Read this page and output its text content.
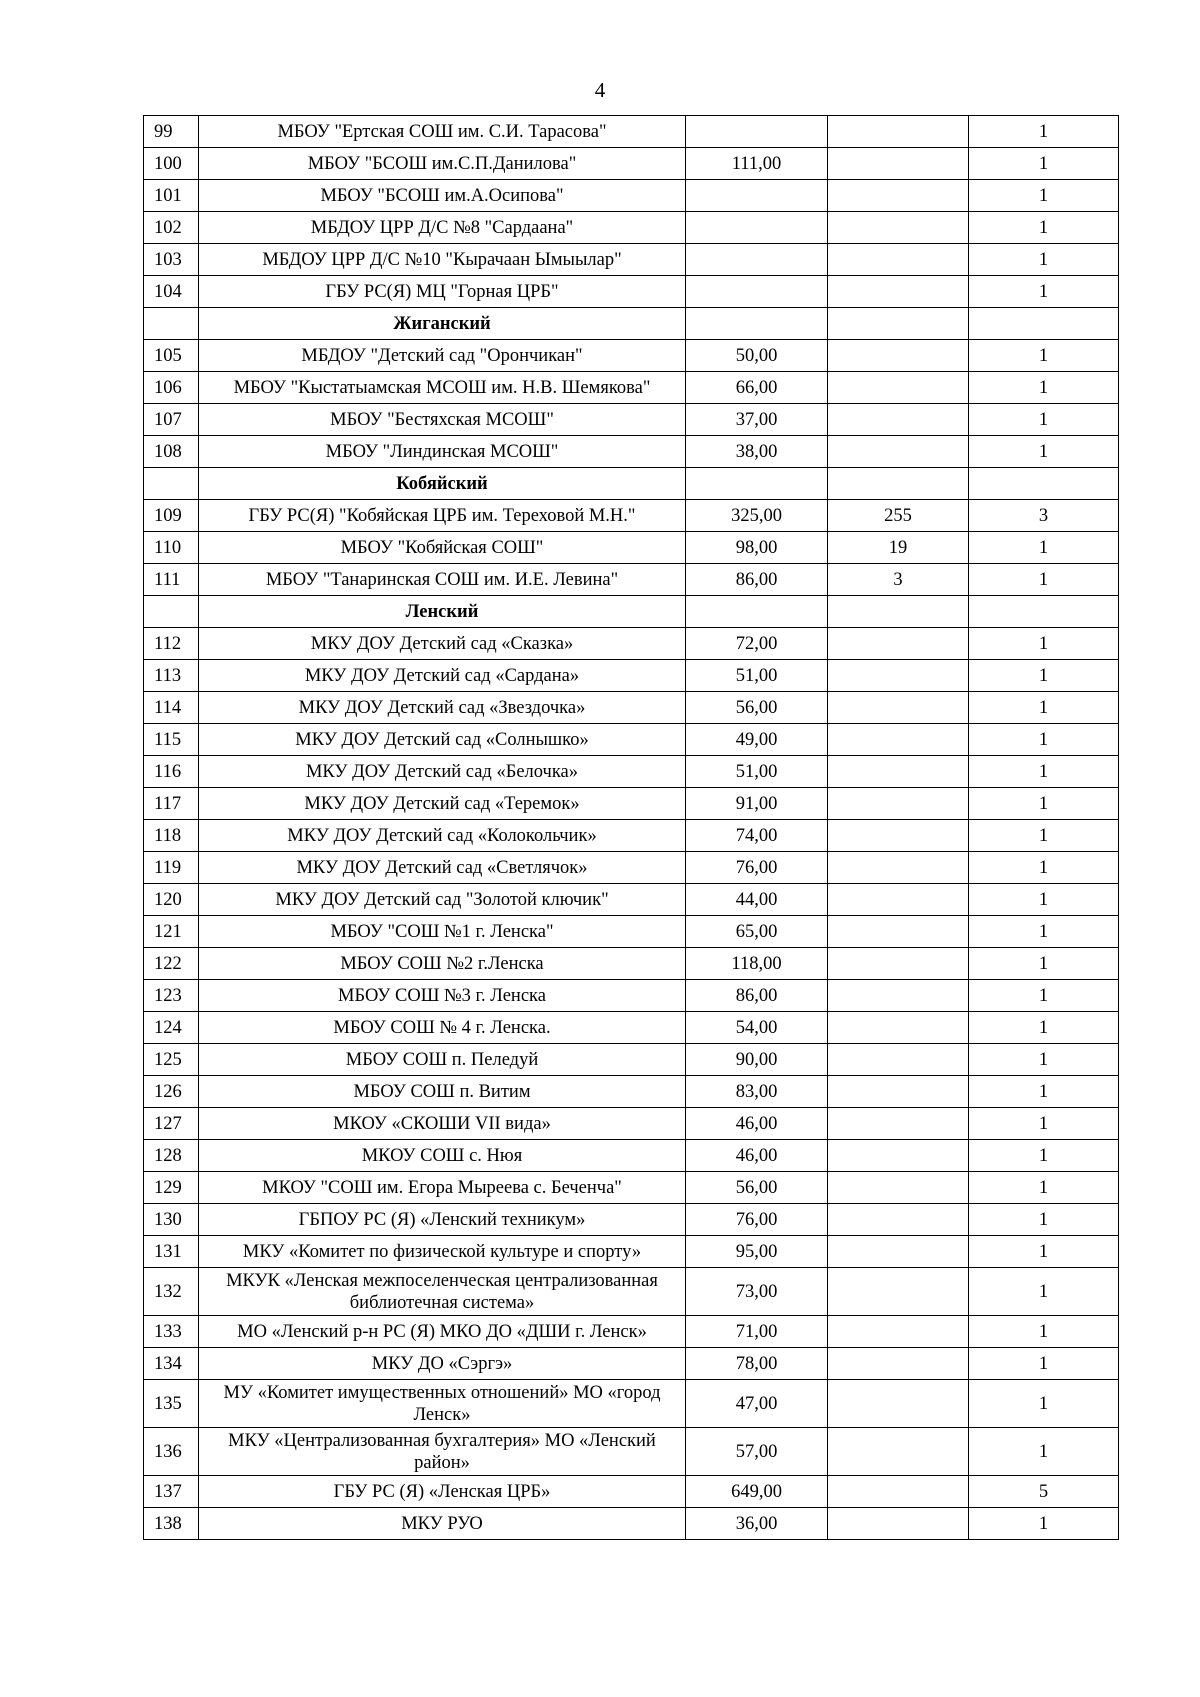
4
99	МБОУ "Ертская СОШ им. С.И. Тарасова"			1
100	МБОУ "БСОШ им.С.П.Данилова"	111,00		1
101	МБОУ "БСОШ им.А.Осипова"			1
102	МБДОУ ЦРР Д/С №8 "Сардаана"			1
103	МБДОУ ЦРР Д/С №10 "Кырачаан Ымыылар"			1
104	ГБУ РС(Я) МЦ "Горная ЦРБ"			1
	Жиганский			
105	МБДОУ "Детский сад "Орончикан"	50,00		1
106	МБОУ "Кыстатыамская МСОШ им. Н.В. Шемякова"	66,00		1
107	МБОУ "Бестяхская МСОШ"	37,00		1
108	МБОУ "Линдинская МСОШ"	38,00		1
	Кобяйский			
109	ГБУ РС(Я) "Кобяйская ЦРБ им. Тереховой М.Н."	325,00	255	3
110	МБОУ "Кобяйская СОШ"	98,00	19	1
111	МБОУ "Танаринская СОШ им. И.Е. Левина"	86,00	3	1
	Ленский			
112	МКУ ДОУ Детский сад «Сказка»	72,00		1
113	МКУ ДОУ Детский сад «Сардана»	51,00		1
114	МКУ ДОУ Детский сад «Звездочка»	56,00		1
115	МКУ ДОУ Детский сад «Солнышко»	49,00		1
116	МКУ ДОУ Детский сад «Белочка»	51,00		1
117	МКУ ДОУ Детский сад «Теремок»	91,00		1
118	МКУ ДОУ Детский сад «Колокольчик»	74,00		1
119	МКУ ДОУ Детский сад «Светлячок»	76,00		1
120	МКУ ДОУ Детский сад "Золотой ключик"	44,00		1
121	МБОУ "СОШ №1 г. Ленска"	65,00		1
122	МБОУ СОШ №2 г.Ленска	118,00		1
123	МБОУ СОШ №3 г. Ленска	86,00		1
124	МБОУ СОШ № 4 г. Ленска.	54,00		1
125	МБОУ СОШ п. Пеледуй	90,00		1
126	МБОУ СОШ п. Витим	83,00		1
127	МКОУ «СКОШИ VII вида»	46,00		1
128	МКОУ СОШ с. Нюя	46,00		1
129	МКОУ "СОШ им. Егора Мыреева с. Беченча"	56,00		1
130	ГБПОУ РС (Я) «Ленский техникум»	76,00		1
131	МКУ «Комитет по физической культуре и спорту»	95,00		1
132	МКУК «Ленская межпоселенческая централизованная библиотечная система»	73,00		1
133	МО «Ленский р-н РС (Я) МКО ДО «ДШИ г. Ленск»	71,00		1
134	МКУ ДО «Сэргэ»	78,00		1
135	МУ «Комитет имущественных отношений» МО «город Ленск»	47,00		1
136	МКУ «Централизованная бухгалтерия» МО «Ленский район»	57,00		1
137	ГБУ РС (Я) «Ленская ЦРБ»	649,00		5
138	МКУ РУО	36,00		1
